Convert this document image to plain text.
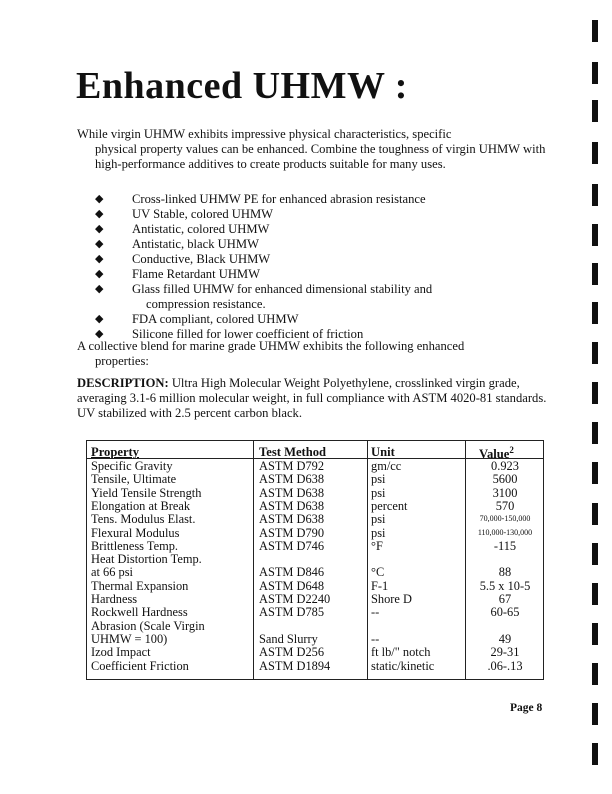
Enhanced UHMW :

While virgin UHMW exhibits impressive physical characteristics, specific
physical property values can be enhanced. Combine the toughness of virgin UHMW with high-performance additives to create products suitable for many uses.

◆ Cross-linked UHMW PE for enhanced abrasion resistance
◆ UV Stable, colored UHMW
◆ Antistatic, colored UHMW
◆ Antistatic, black UHMW
◆ Conductive, Black UHMW
◆ Flame Retardant UHMW
◆ Glass filled UHMW for enhanced dimensional stability and
compression resistance.
◆ FDA compliant, colored UHMW
◆ Silicone filled for lower coefficient of friction

A collective blend for marine grade UHMW exhibits the following enhanced
properties:

DESCRIPTION: Ultra High Molecular Weight Polyethylene, crosslinked virgin grade, averaging 3.1-6 million molecular weight, in full compliance with ASTM 4020-81 standards. UV stabilized with 2.5 percent carbon black.

Property	Test Method	Unit	Value$^2$
Specific Gravity	ASTM D792	gm/cc	0.923
Tensile, Ultimate	ASTM D638	psi	5600
Yield Tensile Strength	ASTM D638	psi	3100
Elongation at Break	ASTM D638	percent	570
Tens. Modulus Elast.	ASTM D638	psi	70,000-150,000
Flexural Modulus	ASTM D790	psi	110,000-130,000
Brittleness Temp.	ASTM D746	°F	-115
Heat Distortion Temp.
at 66 psi	ASTM D846	°C	88
Thermal Expansion	ASTM D648	F-1	5.5 x 10-5
Hardness	ASTM D2240	Shore D	67
Rockwell Hardness	ASTM D785	--	60-65
Abrasion (Scale Virgin
UHMW = 100)	Sand Slurry	--	49
Izod Impact	ASTM D256	ft lb/" notch	29-31
Coefficient Friction	ASTM D1894	static/kinetic	.06-.13
Page 8
